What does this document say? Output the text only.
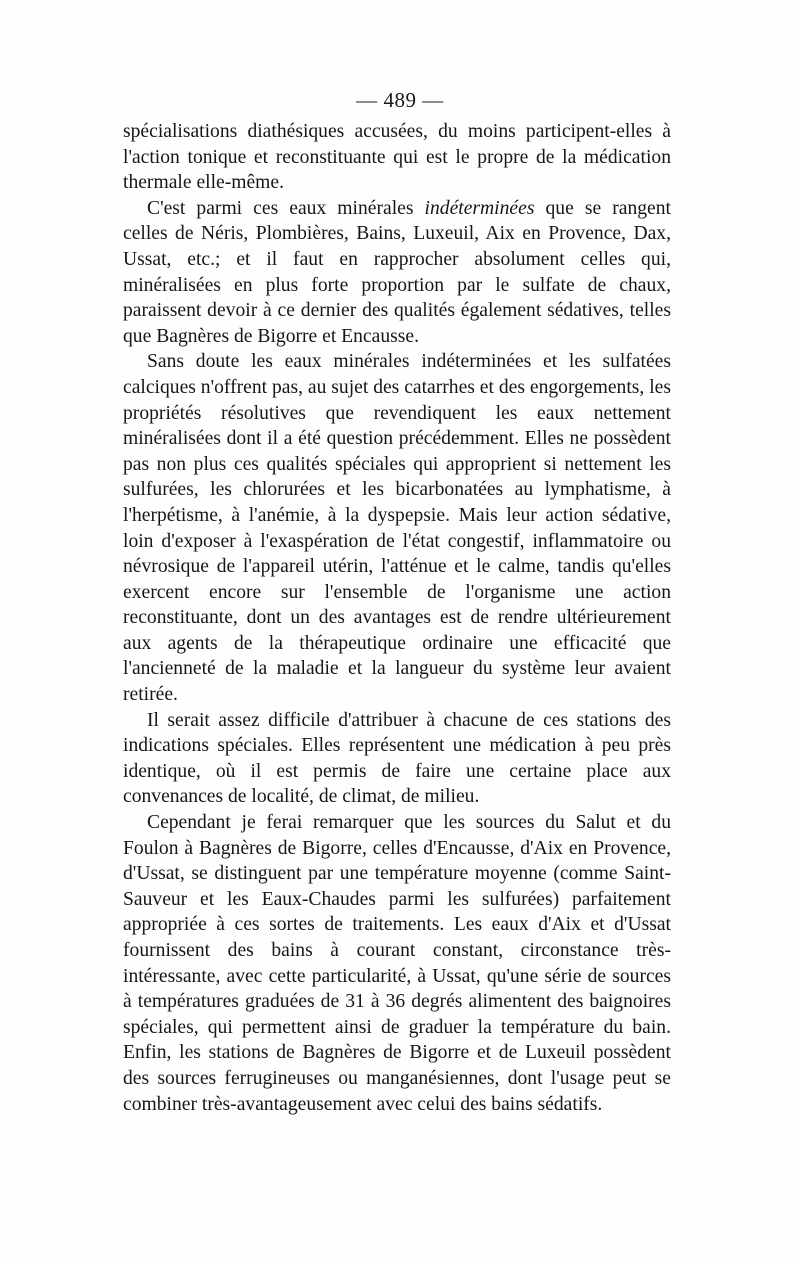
— 489 —

spécialisations diathésiques accusées, du moins participent-elles à l'action tonique et reconstituante qui est le propre de la médication thermale elle-même.

C'est parmi ces eaux minérales indéterminées que se rangent celles de Néris, Plombières, Bains, Luxeuil, Aix en Provence, Dax, Ussat, etc.; et il faut en rapprocher absolument celles qui, minéralisées en plus forte proportion par le sulfate de chaux, paraissent devoir à ce dernier des qualités également sédatives, telles que Bagnères de Bigorre et Encausse.

Sans doute les eaux minérales indéterminées et les sulfatées calciques n'offrent pas, au sujet des catarrhes et des engorgements, les propriétés résolutives que revendiquent les eaux nettement minéralisées dont il a été question précédemment. Elles ne possèdent pas non plus ces qualités spéciales qui approprient si nettement les sulfurées, les chlorurées et les bicarbonatées au lymphatisme, à l'herpétisme, à l'anémie, à la dyspepsie. Mais leur action sédative, loin d'exposer à l'exaspération de l'état congestif, inflammatoire ou névrosique de l'appareil utérin, l'atténue et le calme, tandis qu'elles exercent encore sur l'ensemble de l'organisme une action reconstituante, dont un des avantages est de rendre ultérieurement aux agents de la thérapeutique ordinaire une efficacité que l'ancienneté de la maladie et la langueur du système leur avaient retirée.

Il serait assez difficile d'attribuer à chacune de ces stations des indications spéciales. Elles représentent une médication à peu près identique, où il est permis de faire une certaine place aux convenances de localité, de climat, de milieu.

Cependant je ferai remarquer que les sources du Salut et du Foulon à Bagnères de Bigorre, celles d'Encausse, d'Aix en Provence, d'Ussat, se distinguent par une température moyenne (comme Saint-Sauveur et les Eaux-Chaudes parmi les sulfurées) parfaitement appropriée à ces sortes de traitements. Les eaux d'Aix et d'Ussat fournissent des bains à courant constant, circonstance très-intéressante, avec cette particularité, à Ussat, qu'une série de sources à températures graduées de 31 à 36 degrés alimentent des baignoires spéciales, qui permettent ainsi de graduer la température du bain. Enfin, les stations de Bagnères de Bigorre et de Luxeuil possèdent des sources ferrugineuses ou manganésiennes, dont l'usage peut se combiner très-avantageusement avec celui des bains sédatifs.
